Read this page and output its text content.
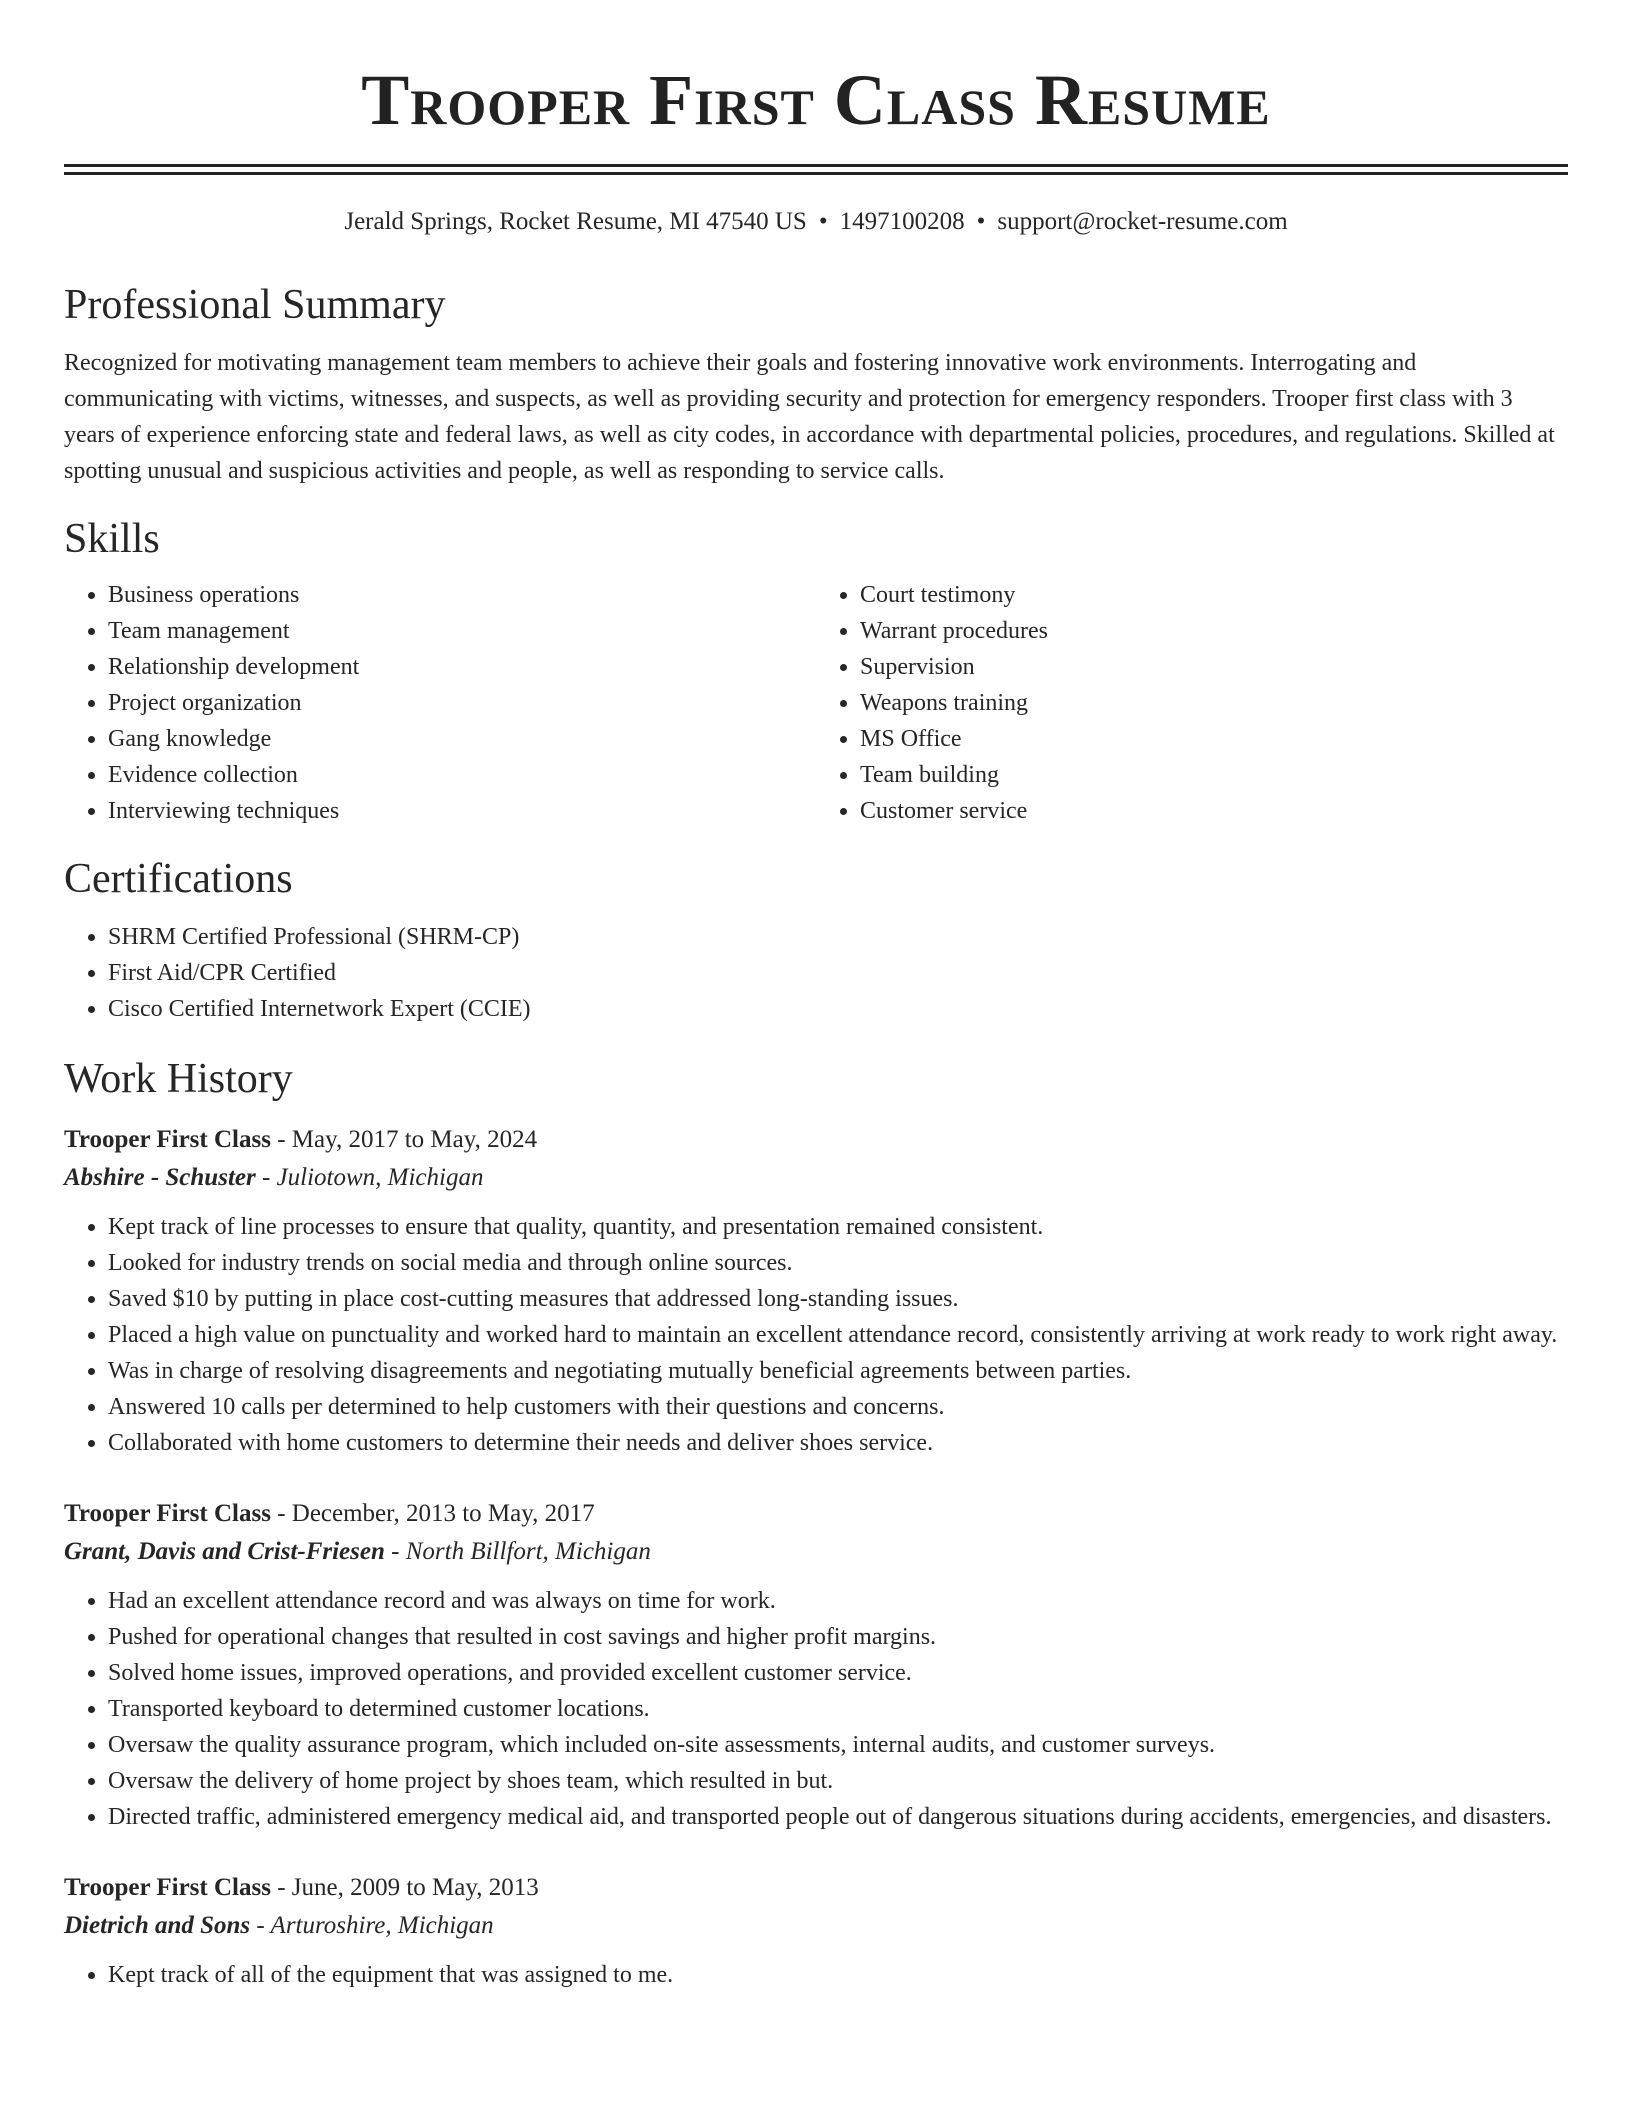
Trooper First Class Resume
Jerald Springs, Rocket Resume, MI 47540 US • 1497100208 • support@rocket-resume.com
Professional Summary

Recognized for motivating management team members to achieve their goals and fostering innovative work environments. Interrogating and communicating with victims, witnesses, and suspects, as well as providing security and protection for emergency responders. Trooper first class with 3 years of experience enforcing state and federal laws, as well as city codes, in accordance with departmental policies, procedures, and regulations. Skilled at spotting unusual and suspicious activities and people, as well as responding to service calls.

Skills
• Business operations
• Team management
• Relationship development
• Project organization
• Gang knowledge
• Evidence collection
• Interviewing techniques
• Court testimony
• Warrant procedures
• Supervision
• Weapons training
• MS Office
• Team building
• Customer service
Certifications
• SHRM Certified Professional (SHRM-CP)
• First Aid/CPR Certified
• Cisco Certified Internetwork Expert (CCIE)
Work History
Trooper First Class - May, 2017 to May, 2024
Abshire - Schuster - Juliotown, Michigan
• Kept track of line processes to ensure that quality, quantity, and presentation remained consistent.
• Looked for industry trends on social media and through online sources.
• Saved $10 by putting in place cost-cutting measures that addressed long-standing issues.
• Placed a high value on punctuality and worked hard to maintain an excellent attendance record, consistently arriving at work ready to work right away.
• Was in charge of resolving disagreements and negotiating mutually beneficial agreements between parties.
• Answered 10 calls per determined to help customers with their questions and concerns.
• Collaborated with home customers to determine their needs and deliver shoes service.
Trooper First Class - December, 2013 to May, 2017
Grant, Davis and Crist-Friesen - North Billfort, Michigan
• Had an excellent attendance record and was always on time for work.
• Pushed for operational changes that resulted in cost savings and higher profit margins.
• Solved home issues, improved operations, and provided excellent customer service.
• Transported keyboard to determined customer locations.
• Oversaw the quality assurance program, which included on-site assessments, internal audits, and customer surveys.
• Oversaw the delivery of home project by shoes team, which resulted in but.
• Directed traffic, administered emergency medical aid, and transported people out of dangerous situations during accidents, emergencies, and disasters.
Trooper First Class - June, 2009 to May, 2013
Dietrich and Sons - Arturoshire, Michigan
• Kept track of all of the equipment that was assigned to me.
